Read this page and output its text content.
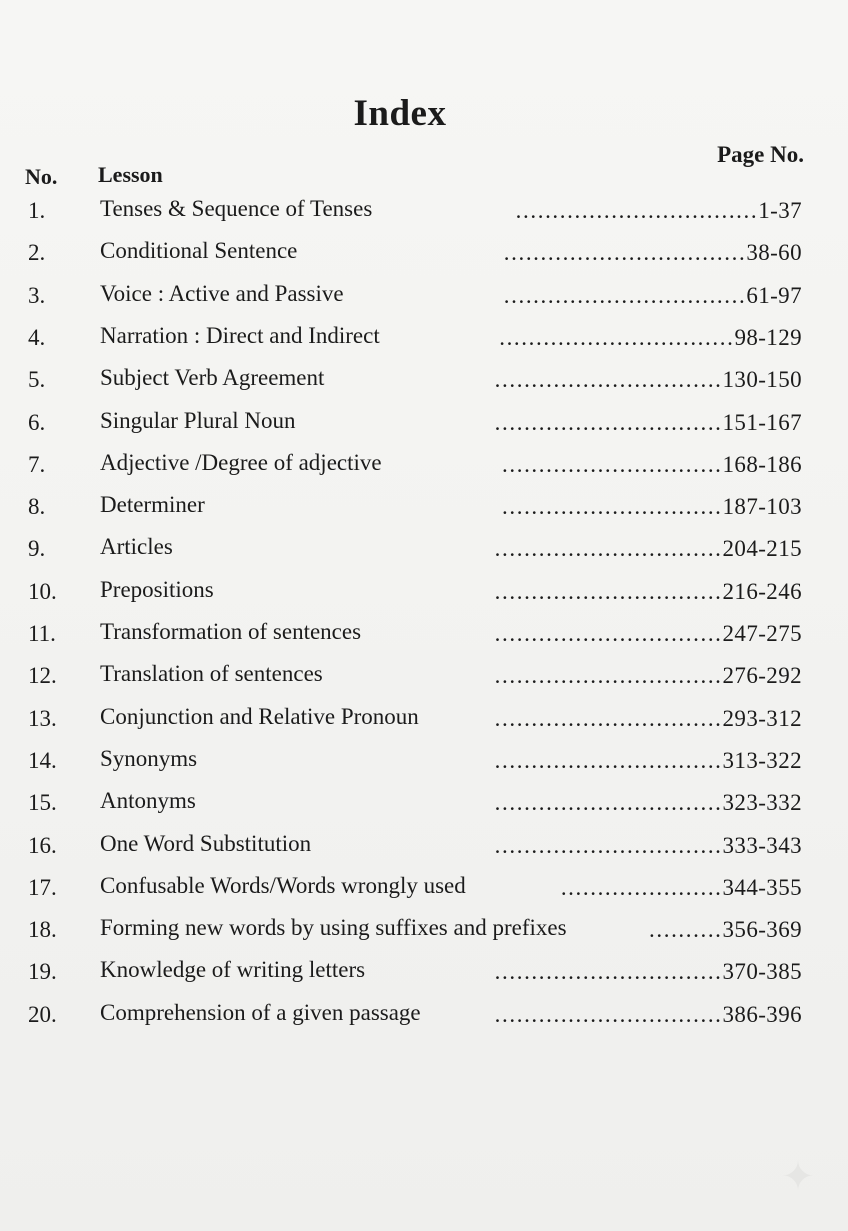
Index
No. Lesson
Page No.
1. Tenses & Sequence of Tenses	.................................1-37
2. Conditional Sentence	.................................38-60
3. Voice : Active and Passive	.................................61-97
4. Narration : Direct and Indirect	................................98-129
5. Subject Verb Agreement	...............................130-150
6. Singular Plural Noun	...............................151-167
7. Adjective /Degree of adjective	..............................168-186
8. Determiner	..............................187-103
9. Articles	...............................204-215
10. Prepositions	...............................216-246
11. Transformation of sentences	...............................247-275
12. Translation of sentences	...............................276-292
13. Conjunction and Relative Pronoun	...............................293-312
14. Synonyms	...............................313-322
15. Antonyms	...............................323-332
16. One Word Substitution	...............................333-343
17. Confusable Words/Words wrongly used	......................344-355
18. Forming new words by using suffixes and prefixes	..........356-369
19. Knowledge of writing letters	...............................370-385
20. Comprehension of a given passage	...............................386-396
✦
